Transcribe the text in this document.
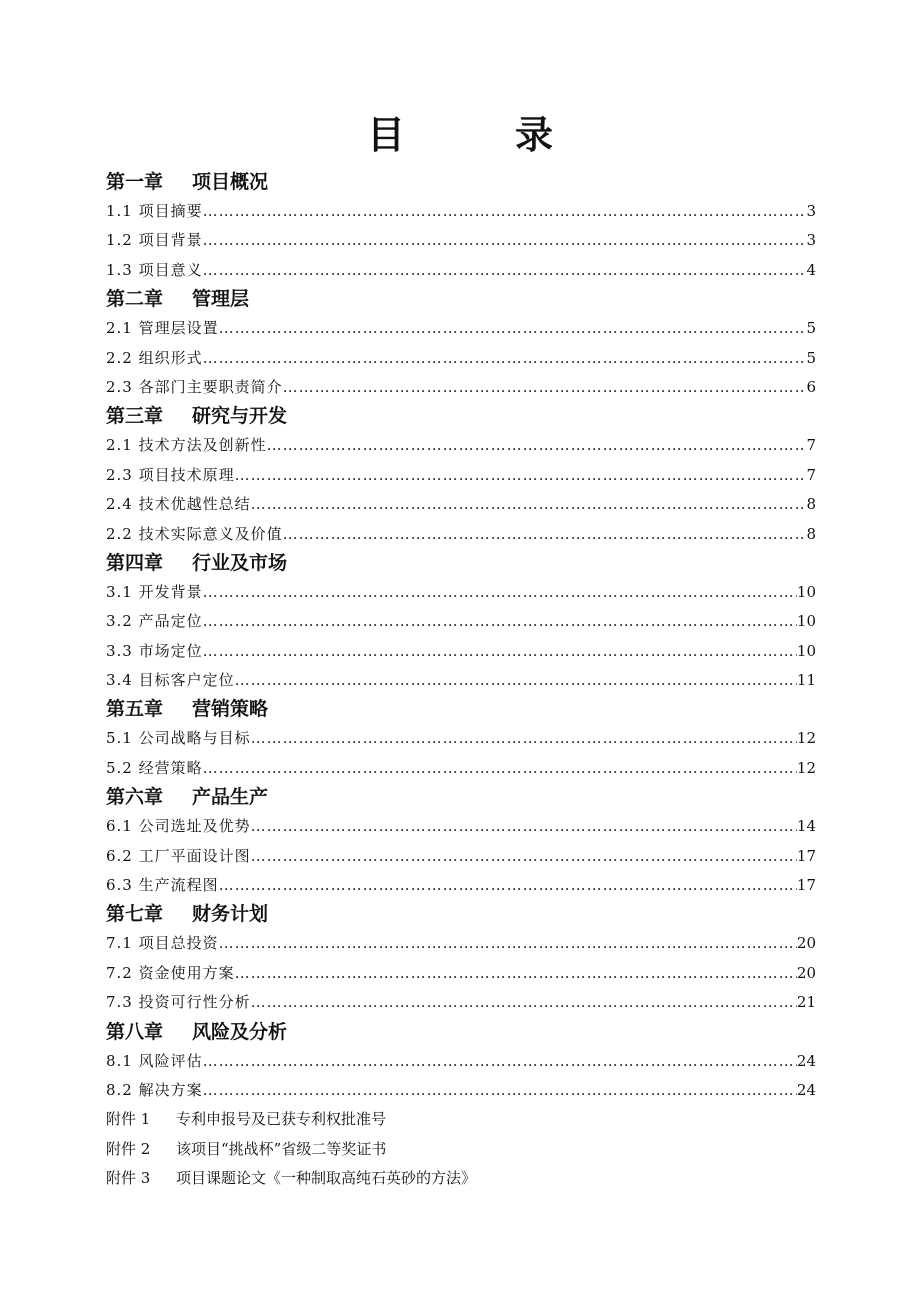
目　录
第一章 项目概况
1.1 项目摘要 ……………………………………………………………………………………………………………………………………………………………………………	3
1.2 项目背景 ……………………………………………………………………………………………………………………………………………………………………………	3
1.3 项目意义 ……………………………………………………………………………………………………………………………………………………………………………	4
第二章 管理层
2.1 管理层设置 ……………………………………………………………………………………………………………………………………………………………………………	5
2.2 组织形式 ……………………………………………………………………………………………………………………………………………………………………………	5
2.3 各部门主要职责简介 ……………………………………………………………………………………………………………………………………………………………………………	6
第三章 研究与开发
2.1 技术方法及创新性 ……………………………………………………………………………………………………………………………………………………………………………	7
2.3 项目技术原理 ……………………………………………………………………………………………………………………………………………………………………………	7
2.4 技术优越性总结 ……………………………………………………………………………………………………………………………………………………………………………	8
2.2 技术实际意义及价值 ……………………………………………………………………………………………………………………………………………………………………………	8
第四章 行业及市场
3.1 开发背景 ……………………………………………………………………………………………………………………………………………………………………………	10
3.2 产品定位 ……………………………………………………………………………………………………………………………………………………………………………	10
3.3 市场定位 ……………………………………………………………………………………………………………………………………………………………………………	10
3.4 目标客户定位 ……………………………………………………………………………………………………………………………………………………………………………	11
第五章 营销策略
5.1 公司战略与目标 ……………………………………………………………………………………………………………………………………………………………………………	12
5.2 经营策略 ……………………………………………………………………………………………………………………………………………………………………………	12
第六章 产品生产
6.1 公司选址及优势 ……………………………………………………………………………………………………………………………………………………………………………	14
6.2 工厂平面设计图 ……………………………………………………………………………………………………………………………………………………………………………	17
6.3 生产流程图 ……………………………………………………………………………………………………………………………………………………………………………	17
第七章 财务计划
7.1 项目总投资 ……………………………………………………………………………………………………………………………………………………………………………	20
7.2 资金使用方案 ……………………………………………………………………………………………………………………………………………………………………………	20
7.3 投资可行性分析 ……………………………………………………………………………………………………………………………………………………………………………	21
第八章 风险及分析
8.1 风险评估 ……………………………………………………………………………………………………………………………………………………………………………	24
8.2 解决方案 ……………………………………………………………………………………………………………………………………………………………………………	24
附件 1 专利申报号及已获专利权批准号
附件 2 该项目“挑战杯”省级二等奖证书
附件 3 项目课题论文《一种制取高纯石英砂的方法》
